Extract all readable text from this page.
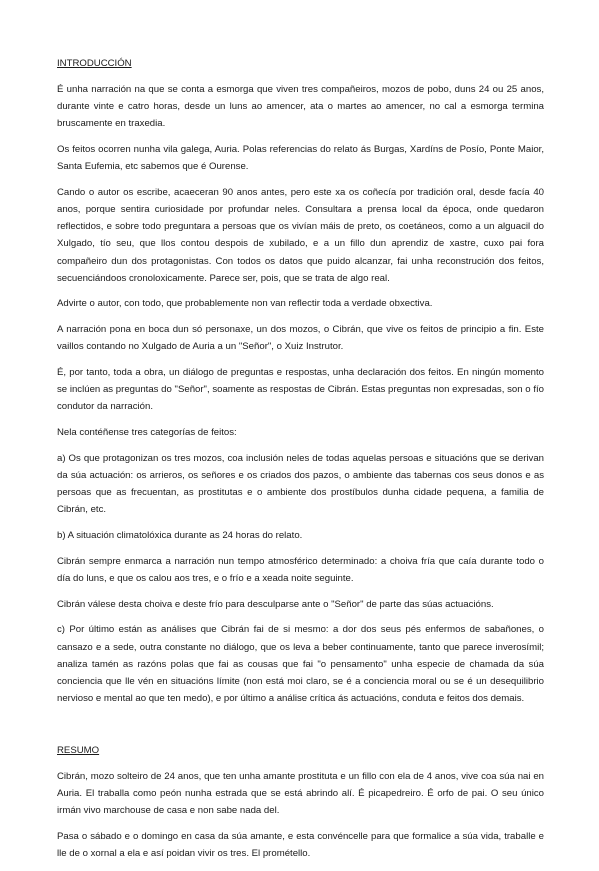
INTRODUCCIÓN

É unha narración na que se conta a esmorga que viven tres compañeiros, mozos de pobo, duns 24 ou 25 anos, durante vinte e catro horas, desde un luns ao amencer, ata o martes ao amencer, no cal a esmorga termina bruscamente en traxedia.

Os feitos ocorren nunha vila galega, Auria. Polas referencias do relato ás Burgas, Xardíns de Posío, Ponte Maior, Santa Eufemia, etc sabemos que é Ourense.

Cando o autor os escribe, acaeceran 90 anos antes, pero este xa os coñecía por tradición oral, desde facía 40 anos, porque sentira curiosidade por profundar neles. Consultara a prensa local da época, onde quedaron reflectidos, e sobre todo preguntara a persoas que os vivían máis de preto, os coetáneos, como a un alguacil do Xulgado, tío seu, que llos contou despois de xubilado, e a un fillo dun aprendiz de xastre, cuxo pai fora compañeiro dun dos protagonistas. Con todos os datos que puido alcanzar, fai unha reconstrución dos feitos, secuenciándoos cronoloxicamente. Parece ser, pois, que se trata de algo real.

Advirte o autor, con todo, que probablemente non van reflectir toda a verdade obxectiva.

A narración pona en boca dun só personaxe, un dos mozos, o Cibrán, que vive os feitos de principio a fin. Este vaillos contando no Xulgado de Auria a un "Señor", o Xuiz Instrutor.

É, por tanto, toda a obra, un diálogo de preguntas e respostas, unha declaración dos feitos. En ningún momento se inclúen as preguntas do "Señor", soamente as respostas de Cibrán. Estas preguntas non expresadas, son o fío condutor da narración.

Nela contéñense tres categorías de feitos:

a) Os que protagonizan os tres mozos, coa inclusión neles de todas aquelas persoas e situacións que se derivan da súa actuación: os arrieros, os señores e os criados dos pazos, o ambiente das tabernas cos seus donos e as persoas que as frecuentan, as prostitutas e o ambiente dos prostíbulos dunha cidade pequena, a familia de Cibrán, etc.

b) A situación climatolóxica durante as 24 horas do relato.

Cibrán sempre enmarca a narración nun tempo atmosférico determinado: a choiva fría que caía durante todo o día do luns, e que os calou aos tres, e o frío e a xeada noite seguinte.

Cibrán válese desta choiva e deste frío para desculparse ante o "Señor" de parte das súas actuacións.

c) Por último están as análises que Cibrán fai de si mesmo: a dor dos seus pés enfermos de sabañones, o cansazo e a sede, outra constante no diálogo, que os leva a beber continuamente, tanto que parece inverosímil; analiza tamén as razóns polas que fai as cousas que fai "o pensamento" unha especie de chamada da súa conciencia que lle vén en situacións límite (non está moi claro, se é a conciencia moral ou se é un desequilibrio nervioso e mental ao que ten medo), e por último a análise crítica ás actuacións, conduta e feitos dos demais.

RESUMO

Cibrán, mozo solteiro de 24 anos, que ten unha amante prostituta e un fillo con ela de 4 anos, vive coa súa nai en Auria. El traballa como peón nunha estrada que se está abrindo alí. É picapedreiro. É orfo de pai. O seu único irmán vivo marchouse de casa e non sabe nada del.

Pasa o sábado e o domingo en casa da súa amante, e esta convéncelle para que formalice a súa vida, traballe e lle de o xornal a ela e así poidan vivir os tres. El prométello.
